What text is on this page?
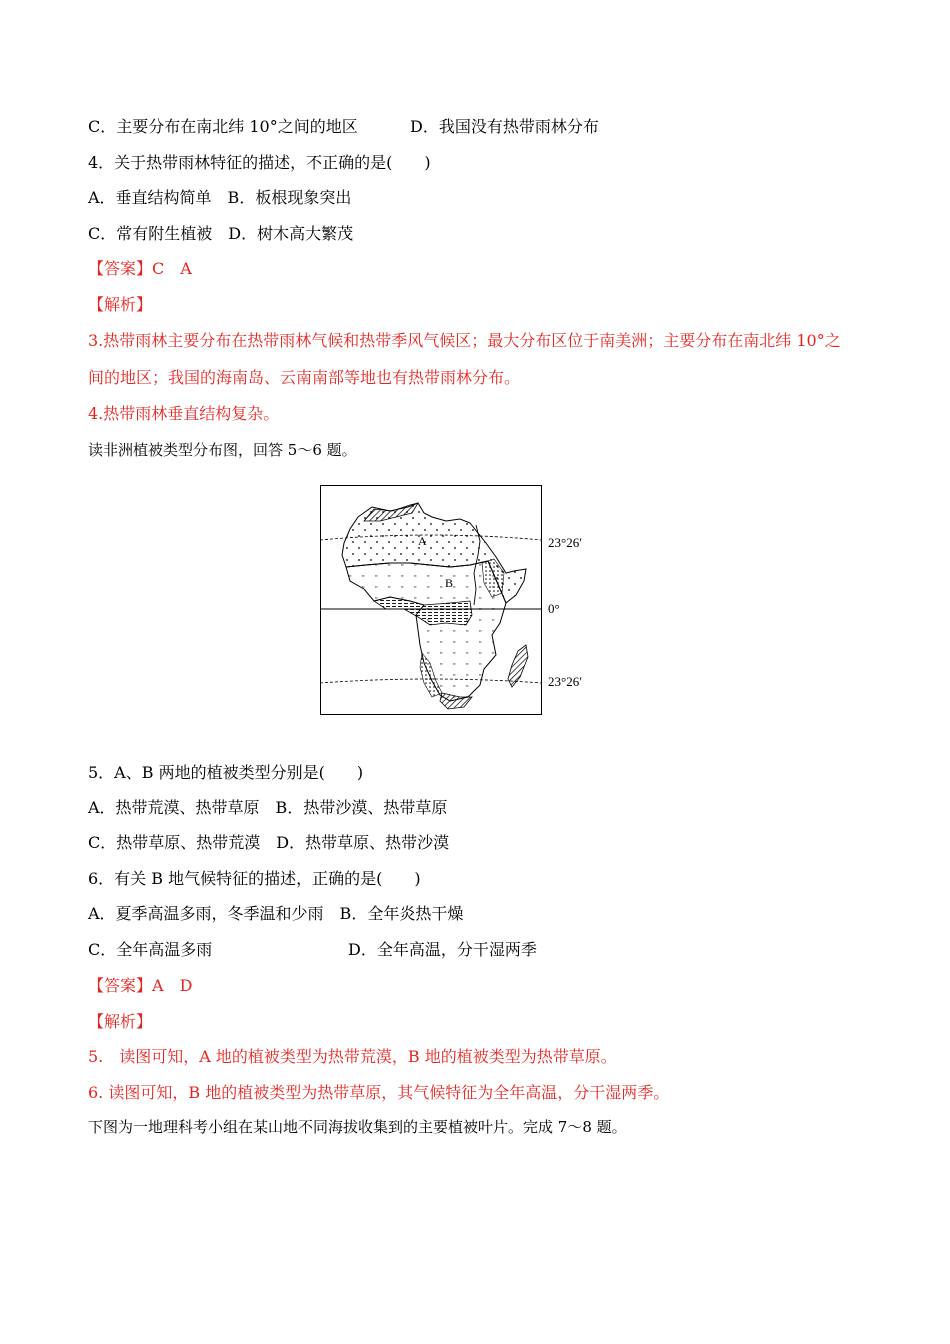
C．主要分布在南北纬 10°之间的地区	D．我国没有热带雨林分布
4．关于热带雨林特征的描述，不正确的是(　　)
A．垂直结构简单　B．板根现象突出
C．常有附生植被　D．树木高大繁茂
【答案】C　A
【解析】
3.热带雨林主要分布在热带雨林气候和热带季风气候区；最大分布区位于南美洲；主要分布在南北纬 10°之
间的地区；我国的海南岛、云南南部等地也有热带雨林分布。
4.热带雨林垂直结构复杂。
读非洲植被类型分布图，回答 5～6 题。
A
B
23°26′
0°
23°26′
5．A、B 两地的植被类型分别是(　　)
A．热带荒漠、热带草原　B．热带沙漠、热带草原
C．热带草原、热带荒漠　D．热带草原、热带沙漠
6．有关 B 地气候特征的描述，正确的是(　　)
A．夏季高温多雨，冬季温和少雨　B．全年炎热干燥
C．全年高温多雨	D．全年高温，分干湿两季
【答案】A　D
【解析】
5.　读图可知，A 地的植被类型为热带荒漠，B 地的植被类型为热带草原。
6. 读图可知，B 地的植被类型为热带草原，其气候特征为全年高温，分干湿两季。
下图为一地理科考小组在某山地不同海拔收集到的主要植被叶片。完成 7～8 题。
